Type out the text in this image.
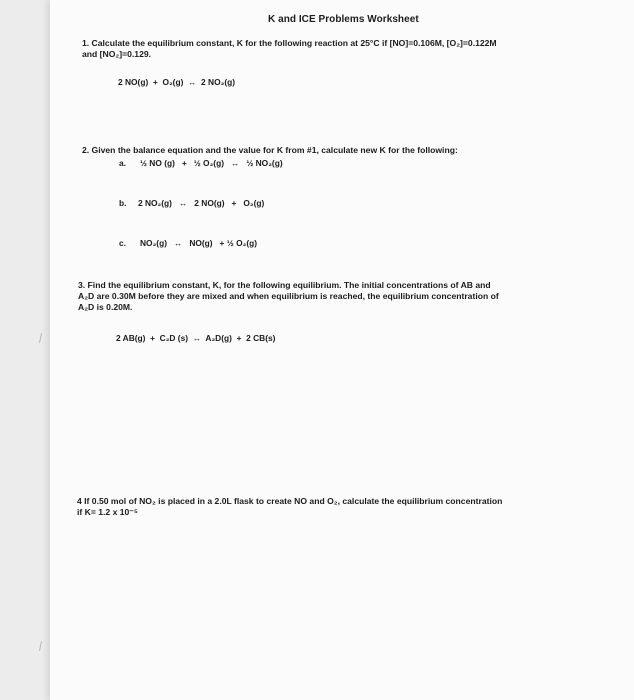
K and ICE Problems Worksheet
1. Calculate the equilibrium constant, K for the following reaction at 25°C if [NO]=0.106M, [O₂]=0.122M
and [NO₂]=0.129.
2 NO(g)  +  O₂(g)  ↔  2 NO₂(g)
2. Given the balance equation and the value for K from #1, calculate new K for the following:
a. ½ NO (g)   +   ½ O₂(g)   ↔   ½ NO₂(g)
b. 2 NO₂(g)   ↔   2 NO(g)   +   O₂(g)
c. NO₂(g)   ↔   NO(g)   + ½ O₂(g)
3. Find the equilibrium constant, K, for the following equilibrium. The initial concentrations of AB and
A₂D are 0.30M before they are mixed and when equilibrium is reached, the equilibrium concentration of
A₂D is 0.20M.
2 AB(g)  +  C₂D (s)  ↔  A₂D(g)  +  2 CB(s)
4 If 0.50 mol of NO₂ is placed in a 2.0L flask to create NO and O₂, calculate the equilibrium concentration
if K= 1.2 x 10⁻⁵
